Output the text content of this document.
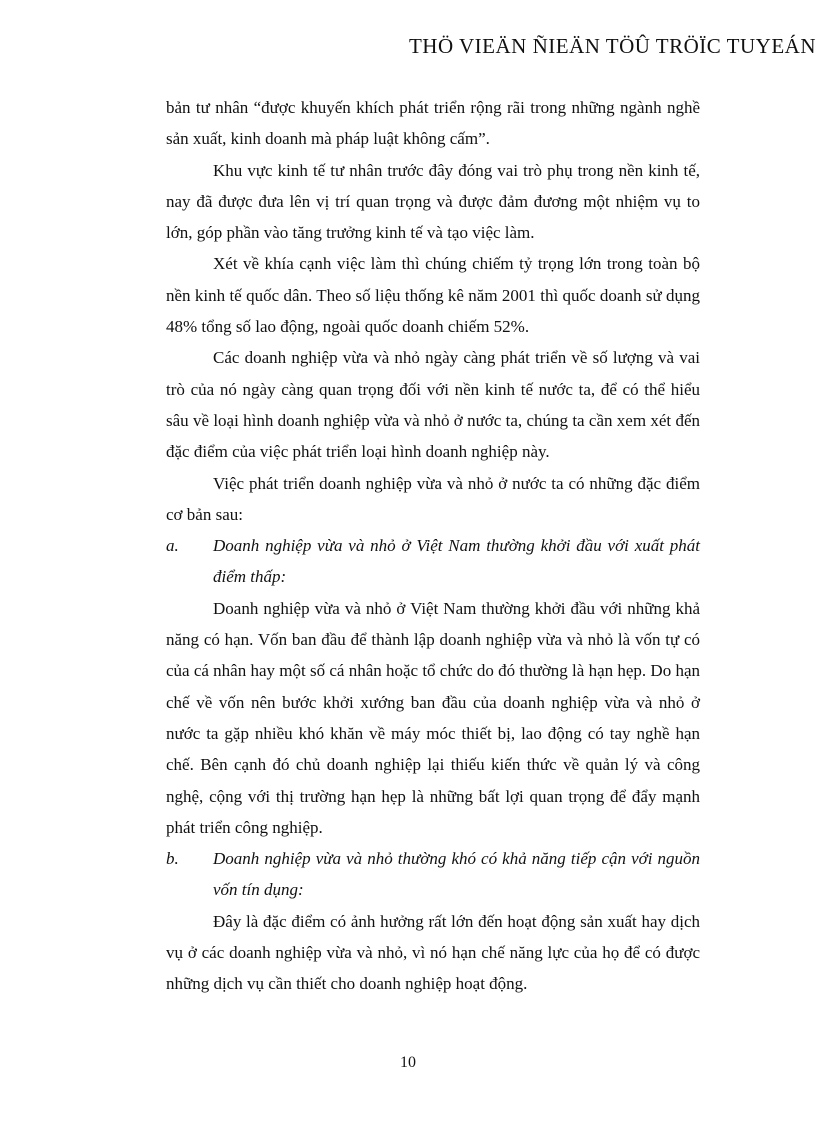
THÖ VIEÄN ÑIEÄN TÖÛ TRÖÏC TUYEÁN

bản tư nhân “được khuyến khích phát triển rộng rãi trong những ngành nghề sản xuất, kinh doanh mà pháp luật không cấm”.

Khu vực kinh tế tư nhân trước đây đóng vai trò phụ trong nền kinh tế, nay đã được đưa lên vị trí quan trọng và được đảm đương một nhiệm vụ to lớn, góp phần vào tăng trưởng kinh tế và tạo việc làm.

Xét về khía cạnh việc làm thì chúng chiếm tỷ trọng lớn trong toàn bộ nền kinh tế quốc dân. Theo số liệu thống kê năm 2001 thì quốc doanh sử dụng 48% tổng số lao động, ngoài quốc doanh chiếm 52%.

Các doanh nghiệp vừa và nhỏ ngày càng phát triển về số lượng và vai trò của nó ngày càng quan trọng đối với nền kinh tế nước ta, để có thể hiểu sâu về loại hình doanh nghiệp vừa và nhỏ ở nước ta, chúng ta cần xem xét đến đặc điểm của việc phát triển loại hình doanh nghiệp này.

Việc phát triển doanh nghiệp vừa và nhỏ ở nước ta có những đặc điểm cơ bản sau:

a.	Doanh nghiệp vừa và nhỏ ở Việt Nam thường khởi đầu với xuất phát điểm thấp:

Doanh nghiệp vừa và nhỏ ở Việt Nam thường khởi đầu với những khả năng có hạn. Vốn ban đầu để thành lập doanh nghiệp vừa và nhỏ là vốn tự có của cá nhân hay một số cá nhân hoặc tổ chức do đó thường là hạn hẹp. Do hạn chế về vốn nên bước khởi xướng ban đầu của doanh nghiệp vừa và nhỏ ở nước ta gặp nhiều khó khăn về máy móc thiết bị, lao động có tay nghề hạn chế. Bên cạnh đó chủ doanh nghiệp lại thiếu kiến thức về quản lý và công nghệ, cộng với thị trường hạn hẹp là những bất lợi quan trọng để đẩy mạnh phát triển công nghiệp.

b.	Doanh nghiệp vừa và nhỏ thường khó có khả năng tiếp cận với nguồn vốn tín dụng:

Đây là đặc điểm có ảnh hưởng rất lớn đến hoạt động sản xuất hay dịch vụ ở các doanh nghiệp vừa và nhỏ, vì nó hạn chế năng lực của họ để có được những dịch vụ cần thiết cho doanh nghiệp hoạt động.

10
